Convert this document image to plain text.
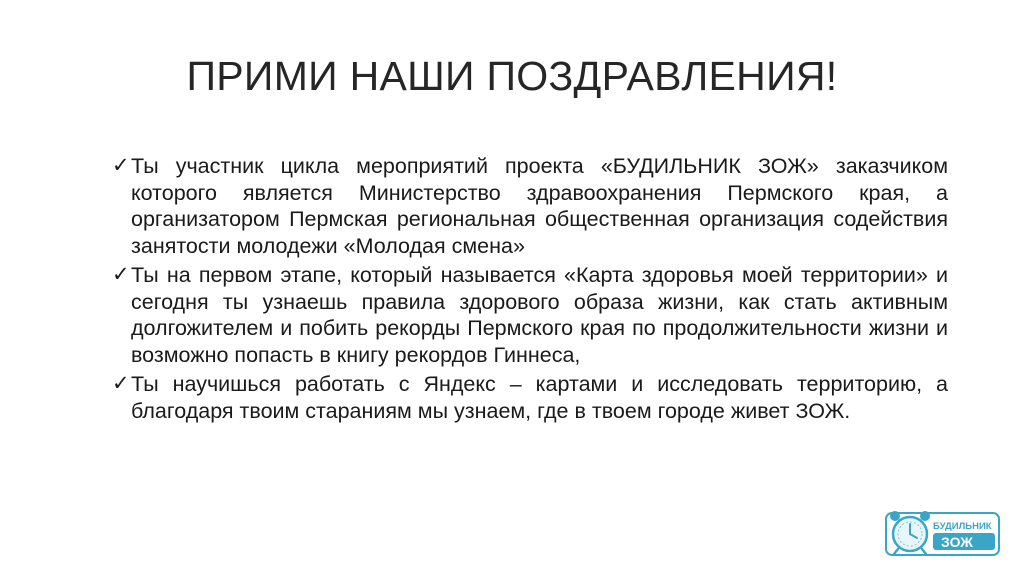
ПРИМИ НАШИ ПОЗДРАВЛЕНИЯ!
✓ Ты участник цикла мероприятий проекта «БУДИЛЬНИК ЗОЖ» заказчиком которого является Министерство здравоохранения Пермского края, а организатором Пермская региональная общественная организация содействия занятости молодежи «Молодая смена»
✓ Ты на первом этапе, который называется «Карта здоровья моей территории» и сегодня ты узнаешь правила здорового образа жизни, как стать активным долгожителем и побить рекорды Пермского края по продолжительности жизни и возможно попасть в книгу рекордов Гиннеса,
✓ Ты научишься работать с Яндекс – картами и исследовать территорию, а благодаря твоим стараниям мы узнаем, где в твоем городе живет ЗОЖ.
БУДИЛЬНИК
ЗОЖ
